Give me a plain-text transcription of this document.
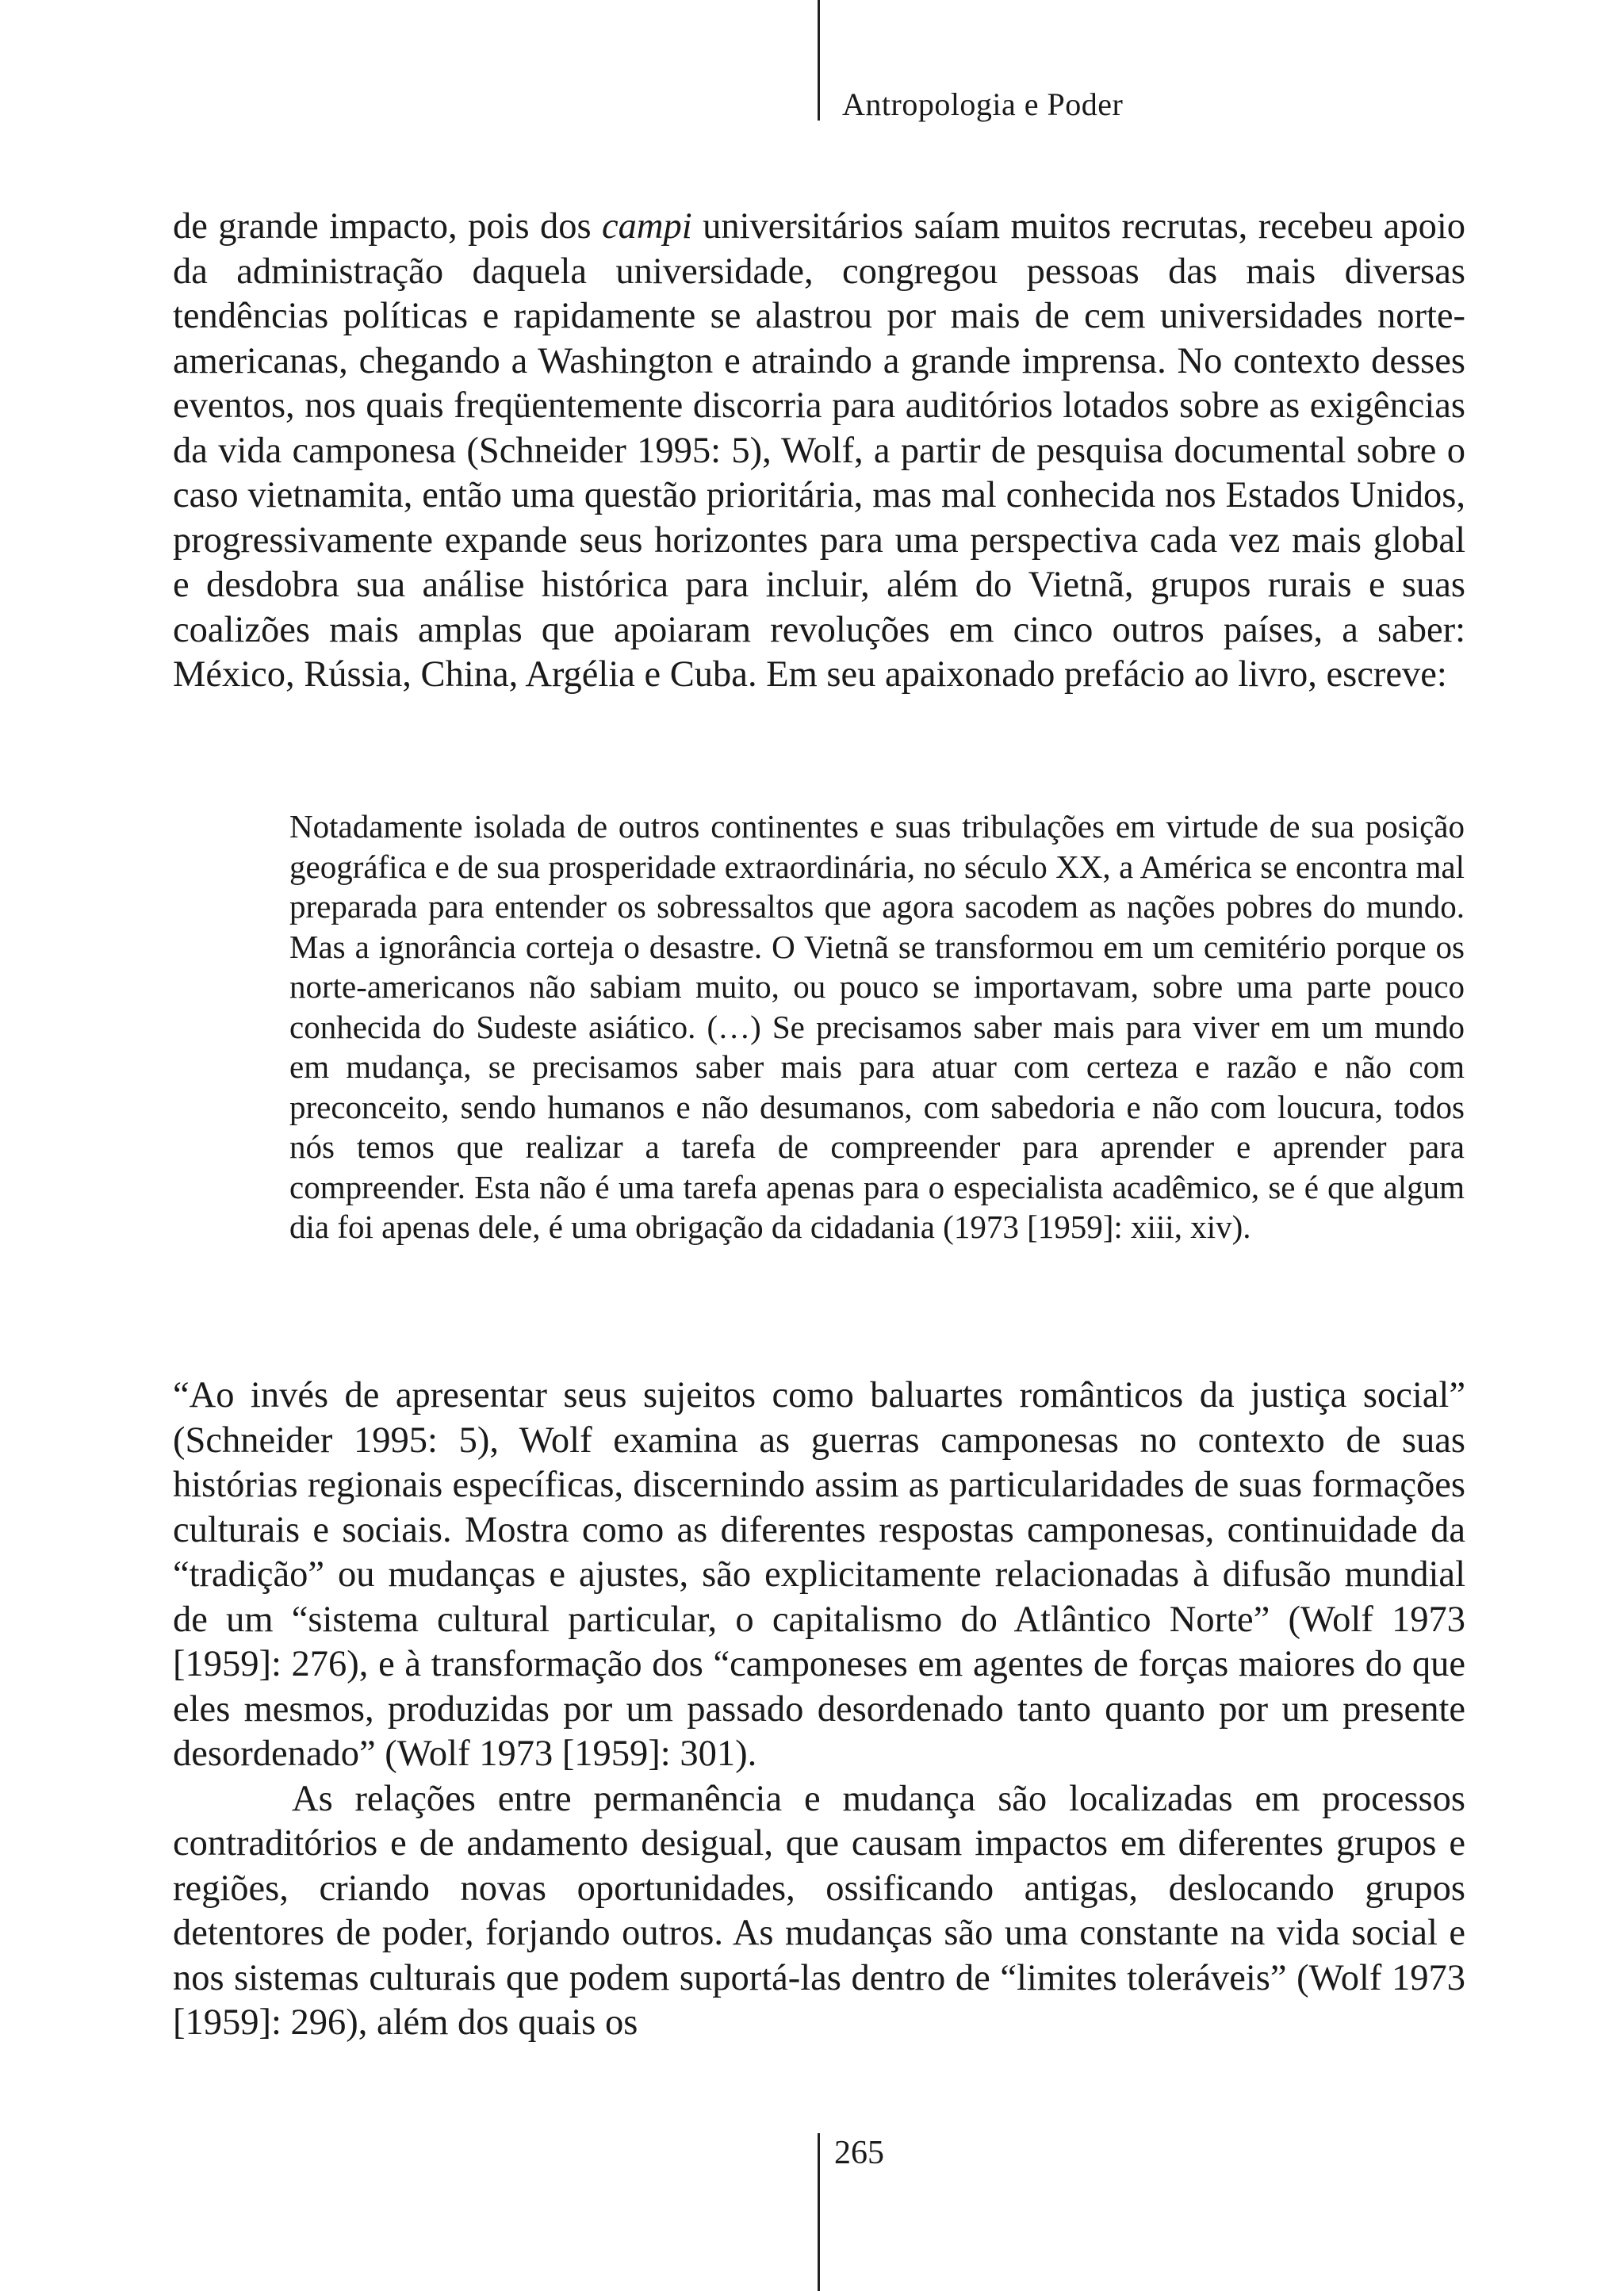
Antropologia e Poder

de grande impacto, pois dos campi universitários saíam muitos recrutas, recebeu apoio da administração daquela universidade, congregou pessoas das mais diversas tendências políticas e rapidamente se alastrou por mais de cem universidades norte-americanas, chegando a Washington e atraindo a grande imprensa. No contexto desses eventos, nos quais freqüentemente discorria para auditórios lotados sobre as exigências da vida camponesa (Schneider 1995: 5), Wolf, a partir de pesquisa documental sobre o caso vietnamita, então uma questão prioritária, mas mal conhecida nos Estados Unidos, progressivamente expande seus horizontes para uma perspectiva cada vez mais global e desdobra sua análise histórica para incluir, além do Vietnã, grupos rurais e suas coalizões mais amplas que apoiaram revoluções em cinco outros países, a saber: México, Rússia, China, Argélia e Cuba. Em seu apaixonado prefácio ao livro, escreve:

Notadamente isolada de outros continentes e suas tribulações em virtude de sua posição geográfica e de sua prosperidade extraordinária, no século XX, a América se encontra mal preparada para entender os sobressaltos que agora sacodem as nações pobres do mundo. Mas a ignorância corteja o desastre. O Vietnã se transformou em um cemitério porque os norte-americanos não sabiam muito, ou pouco se importavam, sobre uma parte pouco conhecida do Sudeste asiático. (…) Se precisamos saber mais para viver em um mundo em mudança, se precisamos saber mais para atuar com certeza e razão e não com preconceito, sendo humanos e não desumanos, com sabedoria e não com loucura, todos nós temos que realizar a tarefa de compreender para aprender e aprender para compreender. Esta não é uma tarefa apenas para o especialista acadêmico, se é que algum dia foi apenas dele, é uma obrigação da cidadania (1973 [1959]: xiii, xiv).

“Ao invés de apresentar seus sujeitos como baluartes românticos da justiça social” (Schneider 1995: 5), Wolf examina as guerras camponesas no contexto de suas histórias regionais específicas, discernindo assim as particularidades de suas formações culturais e sociais. Mostra como as diferentes respostas camponesas, continuidade da “tradição” ou mudanças e ajustes, são explicitamente relacionadas à difusão mundial de um “sistema cultural particular, o capitalismo do Atlântico Norte” (Wolf 1973 [1959]: 276), e à transformação dos “camponeses em agentes de forças maiores do que eles mesmos, produzidas por um passado desordenado tanto quanto por um presente desordenado” (Wolf 1973 [1959]: 301).

As relações entre permanência e mudança são localizadas em processos contraditórios e de andamento desigual, que causam impactos em diferentes grupos e regiões, criando novas oportunidades, ossificando antigas, deslocando grupos detentores de poder, forjando outros. As mudanças são uma constante na vida social e nos sistemas culturais que podem suportá-las dentro de “limites toleráveis” (Wolf 1973 [1959]: 296), além dos quais os

265
